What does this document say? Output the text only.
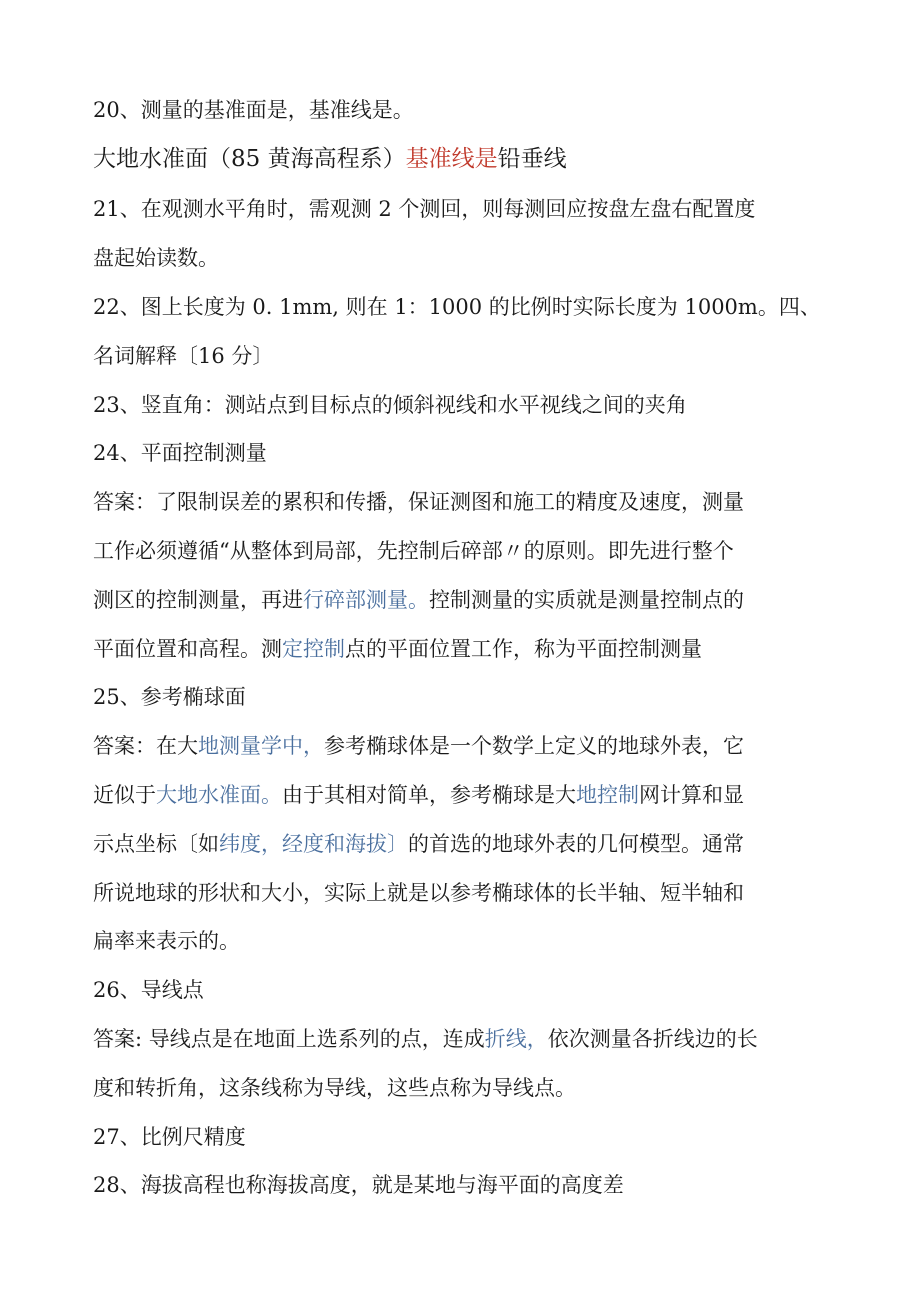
20、测量的基准面是，基准线是。
大地水准面（85 黄海高程系）基准线是铅垂线
21、在观测水平角时，需观测 2 个测回，则每测回应按盘左盘右配置度
盘起始读数。
22、图上长度为 0. 1mm, 则在 1：1000 的比例时实际长度为 1000m。四、
名词解释〔16 分〕
23、竖直角：测站点到目标点的倾斜视线和水平视线之间的夹角
24、平面控制测量
答案：了限制误差的累积和传播，保证测图和施工的精度及速度，测量
工作必须遵循“从整体到局部，先控制后碎部〃的原则。即先进行整个
测区的控制测量，再进行碎部测量。控制测量的实质就是测量控制点的
平面位置和高程。测定控制点的平面位置工作，称为平面控制测量
25、参考椭球面
答案：在大地测量学中，参考椭球体是一个数学上定义的地球外表，它
近似于大地水准面。由于其相对简单，参考椭球是大地控制网计算和显
示点坐标〔如纬度，经度和海拔〕的首选的地球外表的几何模型。通常
所说地球的形状和大小，实际上就是以参考椭球体的长半轴、短半轴和
扁率来表示的。
26、导线点
答案: 导线点是在地面上选系列的点，连成折线，依次测量各折线边的长
度和转折角，这条线称为导线，这些点称为导线点。
27、比例尺精度
28、海拔高程也称海拔高度，就是某地与海平面的高度差
